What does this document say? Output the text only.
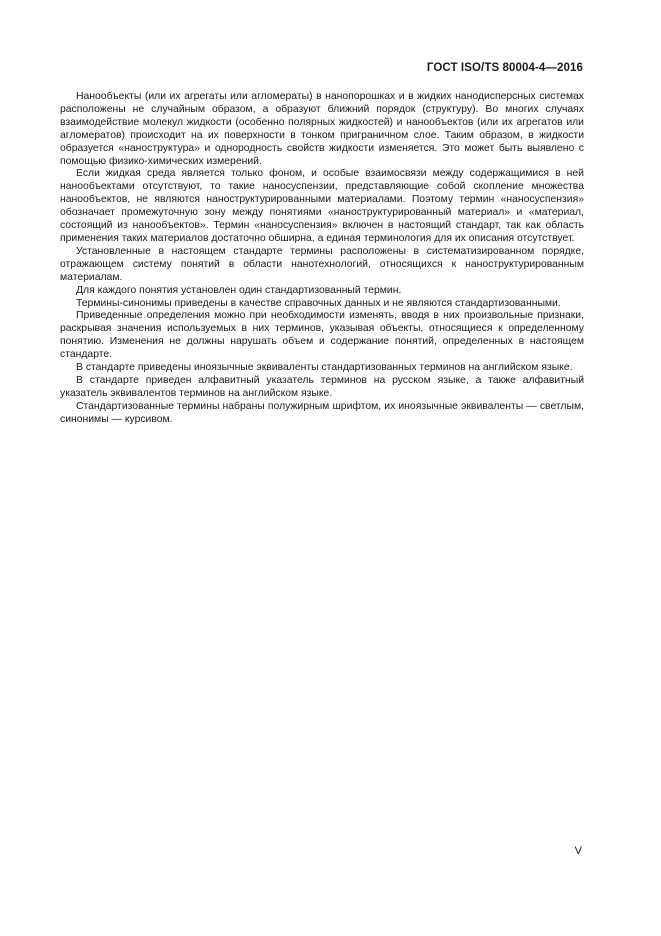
ГОСТ ISO/TS 80004-4—2016

Нанообъекты (или их агрегаты или агломераты) в нанопорошках и в жидких нанодисперсных системах расположены не случайным образом, а образуют ближний порядок (структуру). Во многих случаях взаимодействие молекул жидкости (особенно полярных жидкостей) и нанообъектов (или их агрегатов или агломератов) происходит на их поверхности в тонком приграничном слое. Таким образом, в жидкости образуется «наноструктура» и однородность свойств жидкости изменяется. Это может быть выявлено с помощью физико-химических измерений.

Если жидкая среда является только фоном, и особые взаимосвязи между содержащимися в ней нанообъектами отсутствуют, то такие наносуспензии, представляющие собой скопление множества нанообъектов, не являются наноструктурированными материалами. Поэтому термин «наносуспензия» обозначает промежуточную зону между понятиями «наноструктурированный материал» и «материал, состоящий из нанообъектов». Термин «наносуспензия» включен в настоящий стандарт, так как область применения таких материалов достаточно обширна, а единая терминология для их описания отсутствует.

Установленные в настоящем стандарте термины расположены в систематизированном порядке, отражающем систему понятий в области нанотехнологий, относящихся к наноструктурированным материалам.

Для каждого понятия установлен один стандартизованный термин.

Термины-синонимы приведены в качестве справочных данных и не являются стандартизованными.

Приведенные определения можно при необходимости изменять, вводя в них произвольные признаки, раскрывая значения используемых в них терминов, указывая объекты, относящиеся к определенному понятию. Изменения не должны нарушать объем и содержание понятий, определенных в настоящем стандарте.

В стандарте приведены иноязычные эквиваленты стандартизованных терминов на английском языке.

В стандарте приведен алфавитный указатель терминов на русском языке, а также алфавитный указатель эквивалентов терминов на английском языке.

Стандартизованные термины набраны полужирным шрифтом, их иноязычные эквиваленты — светлым, синонимы — курсивом.

V
